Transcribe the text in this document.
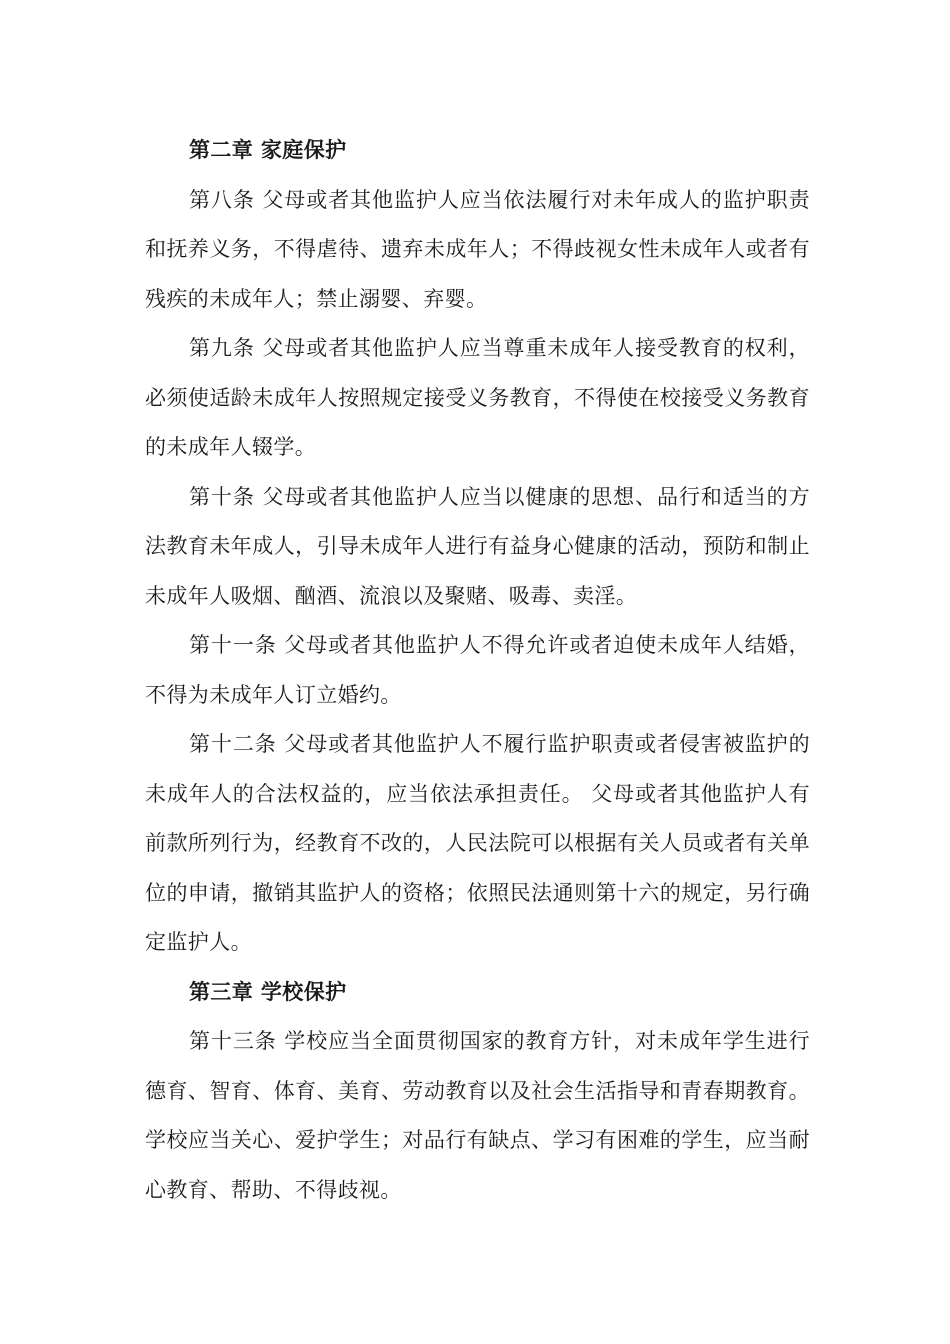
第二章 家庭保护

第八条 父母或者其他监护人应当依法履行对未年成人的监护职责和抚养义务，不得虐待、遗弃未成年人；不得歧视女性未成年人或者有残疾的未成年人；禁止溺婴、弃婴。

第九条 父母或者其他监护人应当尊重未成年人接受教育的权利，必须使适龄未成年人按照规定接受义务教育，不得使在校接受义务教育的未成年人辍学。

第十条 父母或者其他监护人应当以健康的思想、品行和适当的方法教育未年成人，引导未成年人进行有益身心健康的活动，预防和制止未成年人吸烟、酗酒、流浪以及聚赌、吸毒、卖淫。

第十一条 父母或者其他监护人不得允许或者迫使未成年人结婚，不得为未成年人订立婚约。

第十二条 父母或者其他监护人不履行监护职责或者侵害被监护的未成年人的合法权益的，应当依法承担责任。 父母或者其他监护人有前款所列行为，经教育不改的，人民法院可以根据有关人员或者有关单位的申请，撤销其监护人的资格；依照民法通则第十六的规定，另行确定监护人。

第三章 学校保护

第十三条 学校应当全面贯彻国家的教育方针，对未成年学生进行德育、智育、体育、美育、劳动教育以及社会生活指导和青春期教育。 学校应当关心、爱护学生；对品行有缺点、学习有困难的学生，应当耐心教育、帮助、不得歧视。
